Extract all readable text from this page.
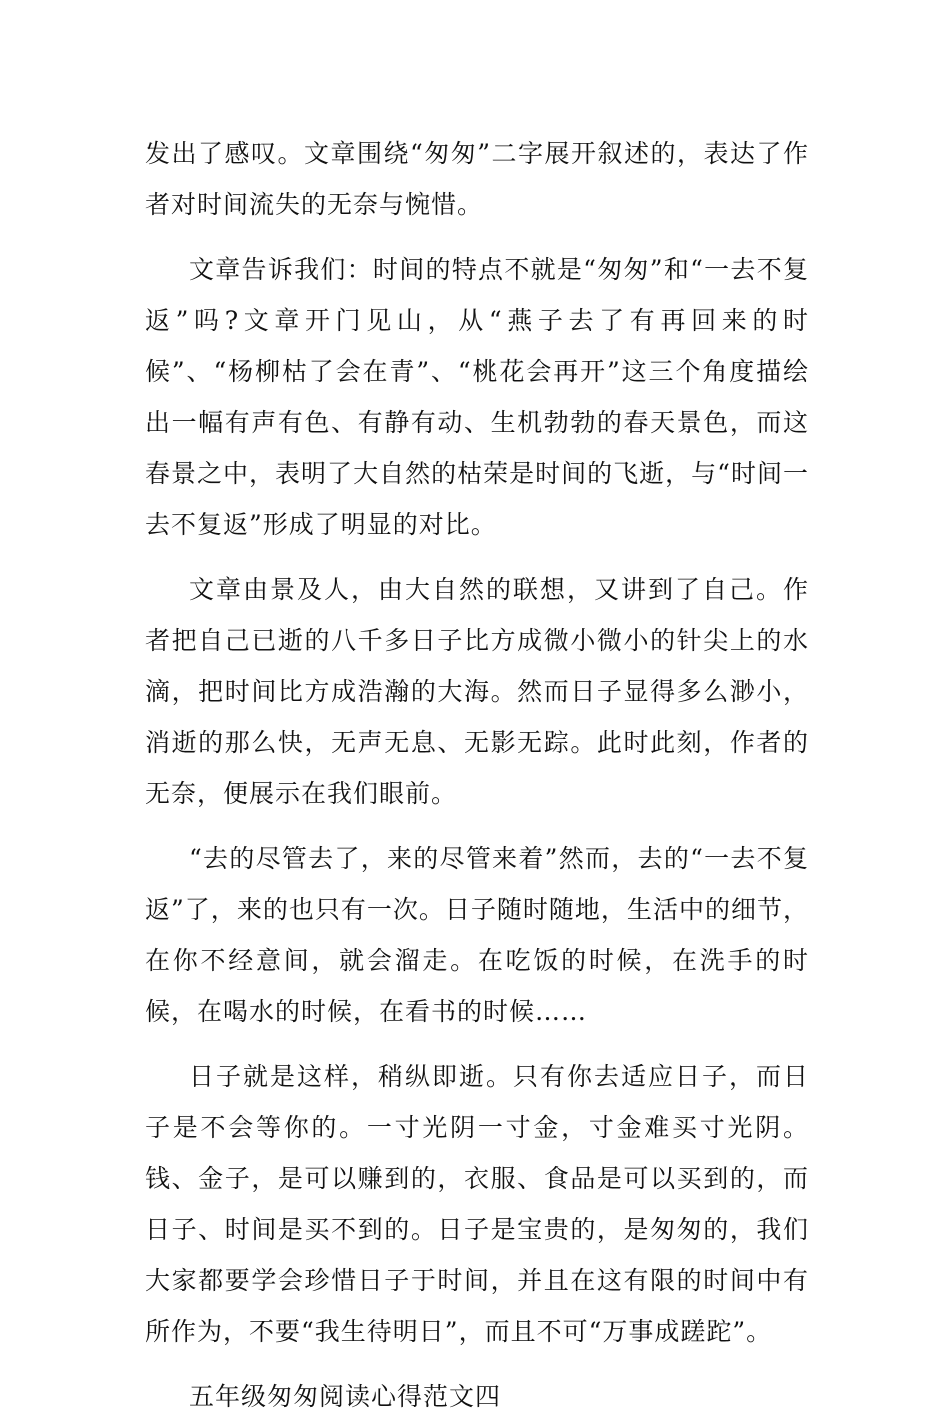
发出了感叹。文章围绕“匆匆”二字展开叙述的，表达了作者对时间流失的无奈与惋惜。

文章告诉我们：时间的特点不就是“匆匆”和“一去不复返”吗?文章开门见山，从“燕子去了有再回来的时候”、“杨柳枯了会在青”、“桃花会再开”这三个角度描绘出一幅有声有色、有静有动、生机勃勃的春天景色，而这春景之中，表明了大自然的枯荣是时间的飞逝，与“时间一去不复返”形成了明显的对比。

文章由景及人，由大自然的联想，又讲到了自己。作者把自己已逝的八千多日子比方成微小微小的针尖上的水滴，把时间比方成浩瀚的大海。然而日子显得多么渺小，消逝的那么快，无声无息、无影无踪。此时此刻，作者的无奈，便展示在我们眼前。

“去的尽管去了，来的尽管来着”然而，去的“一去不复返”了，来的也只有一次。日子随时随地，生活中的细节，在你不经意间，就会溜走。在吃饭的时候，在洗手的时候，在喝水的时候，在看书的时候……

日子就是这样，稍纵即逝。只有你去适应日子，而日子是不会等你的。一寸光阴一寸金，寸金难买寸光阴。钱、金子，是可以赚到的，衣服、食品是可以买到的，而日子、时间是买不到的。日子是宝贵的，是匆匆的，我们大家都要学会珍惜日子于时间，并且在这有限的时间中有所作为，不要“我生待明日”，而且不可“万事成蹉跎”。

五年级匆匆阅读心得范文四
